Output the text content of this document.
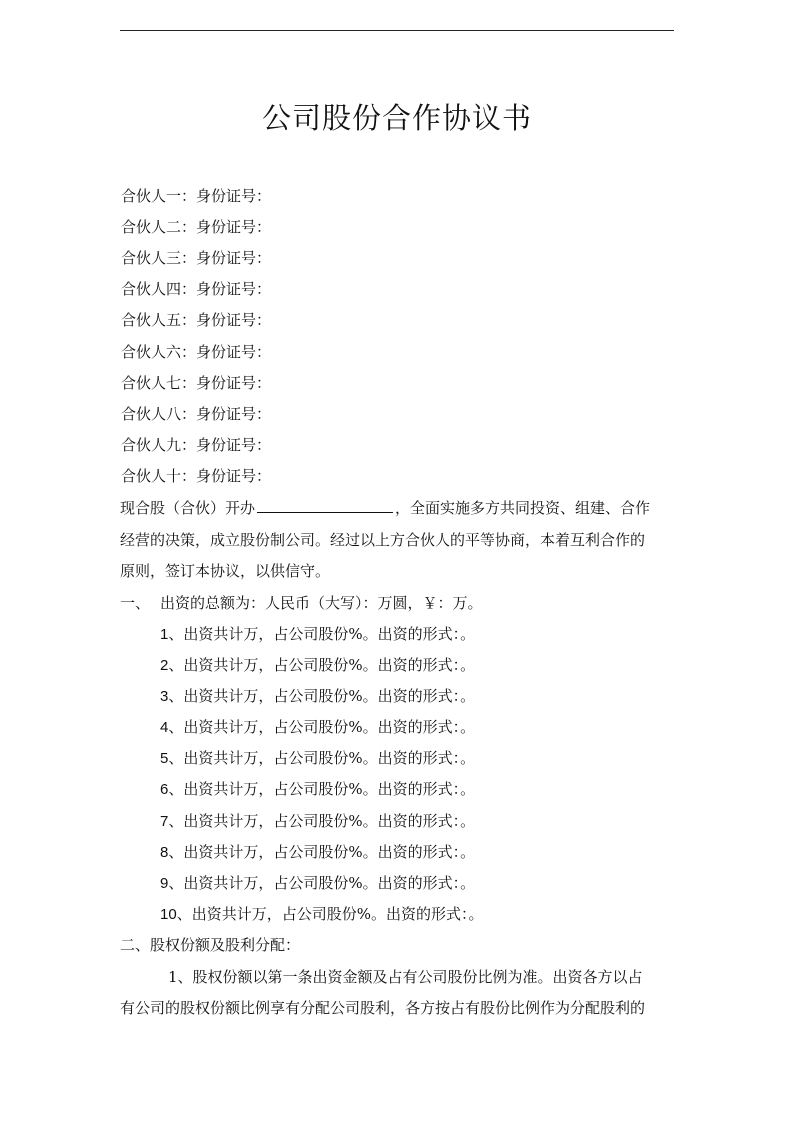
公司股份合作协议书
合伙人一：身份证号：
合伙人二：身份证号：
合伙人三：身份证号：
合伙人四：身份证号：
合伙人五：身份证号：
合伙人六：身份证号：
合伙人七：身份证号：
合伙人八：身份证号：
合伙人九：身份证号：
合伙人十：身份证号：
现合股（合伙）开办	，全面实施多方共同投资、组建、合作
经营的决策，成立股份制公司。经过以上方合伙人的平等协商，本着互利合作的
原则，签订本协议，以供信守。
一、 出资的总额为：人民币（大写）：万圆，￥：万。
1、出资共计万，占公司股份%。出资的形式：。
2、出资共计万，占公司股份%。出资的形式：。
3、出资共计万，占公司股份%。出资的形式：。
4、出资共计万，占公司股份%。出资的形式：。
5、出资共计万，占公司股份%。出资的形式：。
6、出资共计万，占公司股份%。出资的形式：。
7、出资共计万，占公司股份%。出资的形式：。
8、出资共计万，占公司股份%。出资的形式：。
9、出资共计万，占公司股份%。出资的形式：。
10、出资共计万，占公司股份%。出资的形式：。
二、股权份额及股利分配：
1、股权份额以第一条出资金额及占有公司股份比例为准。出资各方以占
有公司的股权份额比例享有分配公司股利，各方按占有股份比例作为分配股利的
